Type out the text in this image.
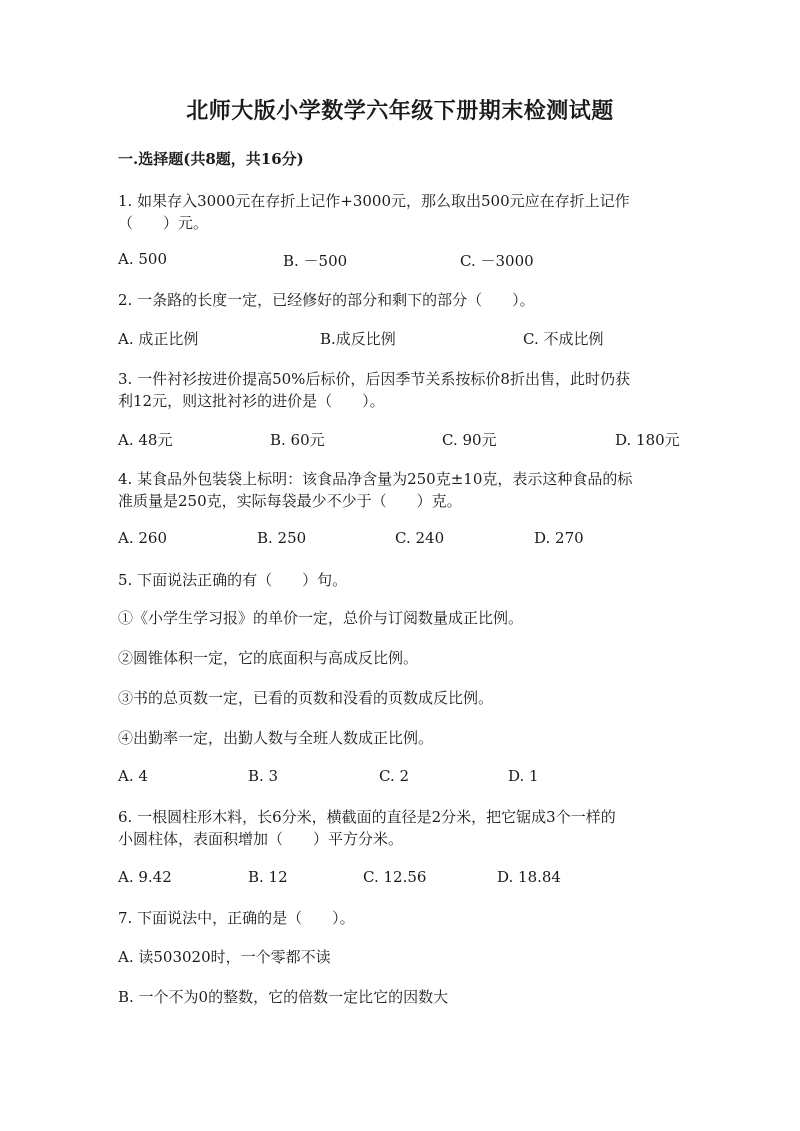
北师大版小学数学六年级下册期末检测试题
一.选择题(共8题，共16分)
1. 如果存入3000元在存折上记作+3000元，那么取出500元应在存折上记作
（　　）元。
A. 500	B. －500	C. －3000
2. 一条路的长度一定，已经修好的部分和剩下的部分（　　）。
A. 成正比例	B.成反比例	C. 不成比例
3. 一件衬衫按进价提高50%后标价，后因季节关系按标价8折出售，此时仍获
利12元，则这批衬衫的进价是（　　）。
A. 48元	B. 60元	C. 90元	D. 180元
4. 某食品外包装袋上标明：该食品净含量为250克±10克，表示这种食品的标
准质量是250克，实际每袋最少不少于（　　）克。
A. 260	B. 250	C. 240	D. 270
5. 下面说法正确的有（　　）句。
①《小学生学习报》的单价一定，总价与订阅数量成正比例。
②圆锥体积一定，它的底面积与高成反比例。
③书的总页数一定，已看的页数和没看的页数成反比例。
④出勤率一定，出勤人数与全班人数成正比例。
A. 4	B. 3	C. 2	D. 1
6. 一根圆柱形木料，长6分米，横截面的直径是2分米，把它锯成3个一样的
小圆柱体，表面积增加（　　）平方分米。
A. 9.42	B. 12	C. 12.56	D. 18.84
7. 下面说法中，正确的是（　　）。
A. 读503020时，一个零都不读
B. 一个不为0的整数，它的倍数一定比它的因数大
